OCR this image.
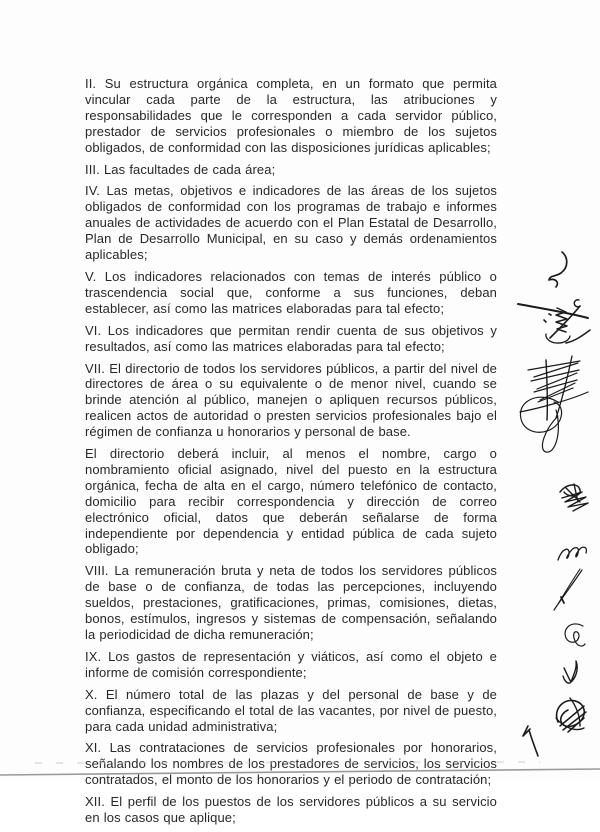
II. Su estructura orgánica completa, en un formato que permita vincular cada parte de la estructura, las atribuciones y responsabilidades que le corresponden a cada servidor público, prestador de servicios profesionales o miembro de los sujetos obligados, de conformidad con las disposiciones jurídicas aplicables;

III. Las facultades de cada área;

IV. Las metas, objetivos e indicadores de las áreas de los sujetos obligados de conformidad con los programas de trabajo e informes anuales de actividades de acuerdo con el Plan Estatal de Desarrollo, Plan de Desarrollo Municipal, en su caso y demás ordenamientos aplicables;

V. Los indicadores relacionados con temas de interés público o trascendencia social que, conforme a sus funciones, deban establecer, así como las matrices elaboradas para tal efecto;

VI. Los indicadores que permitan rendir cuenta de sus objetivos y resultados, así como las matrices elaboradas para tal efecto;

VII. El directorio de todos los servidores públicos, a partir del nivel de directores de área o su equivalente o de menor nivel, cuando se brinde atención al público, manejen o apliquen recursos públicos, realicen actos de autoridad o presten servicios profesionales bajo el régimen de confianza u honorarios y personal de base.

El directorio deberá incluir, al menos el nombre, cargo o nombramiento oficial asignado, nivel del puesto en la estructura orgánica, fecha de alta en el cargo, número telefónico de contacto, domicilio para recibir correspondencia y dirección de correo electrónico oficial, datos que deberán señalarse de forma independiente por dependencia y entidad pública de cada sujeto obligado;

VIII. La remuneración bruta y neta de todos los servidores públicos de base o de confianza, de todas las percepciones, incluyendo sueldos, prestaciones, gratificaciones, primas, comisiones, dietas, bonos, estímulos, ingresos y sistemas de compensación, señalando la periodicidad de dicha remuneración;

IX. Los gastos de representación y viáticos, así como el objeto e informe de comisión correspondiente;

X. El número total de las plazas y del personal de base y de confianza, especificando el total de las vacantes, por nivel de puesto, para cada unidad administrativa;

XI. Las contrataciones de servicios profesionales por honorarios, señalando los nombres de los prestadores de servicios, los servicios contratados, el monto de los honorarios y el periodo de contratación;

XII. El perfil de los puestos de los servidores públicos a su servicio en los casos que aplique;
